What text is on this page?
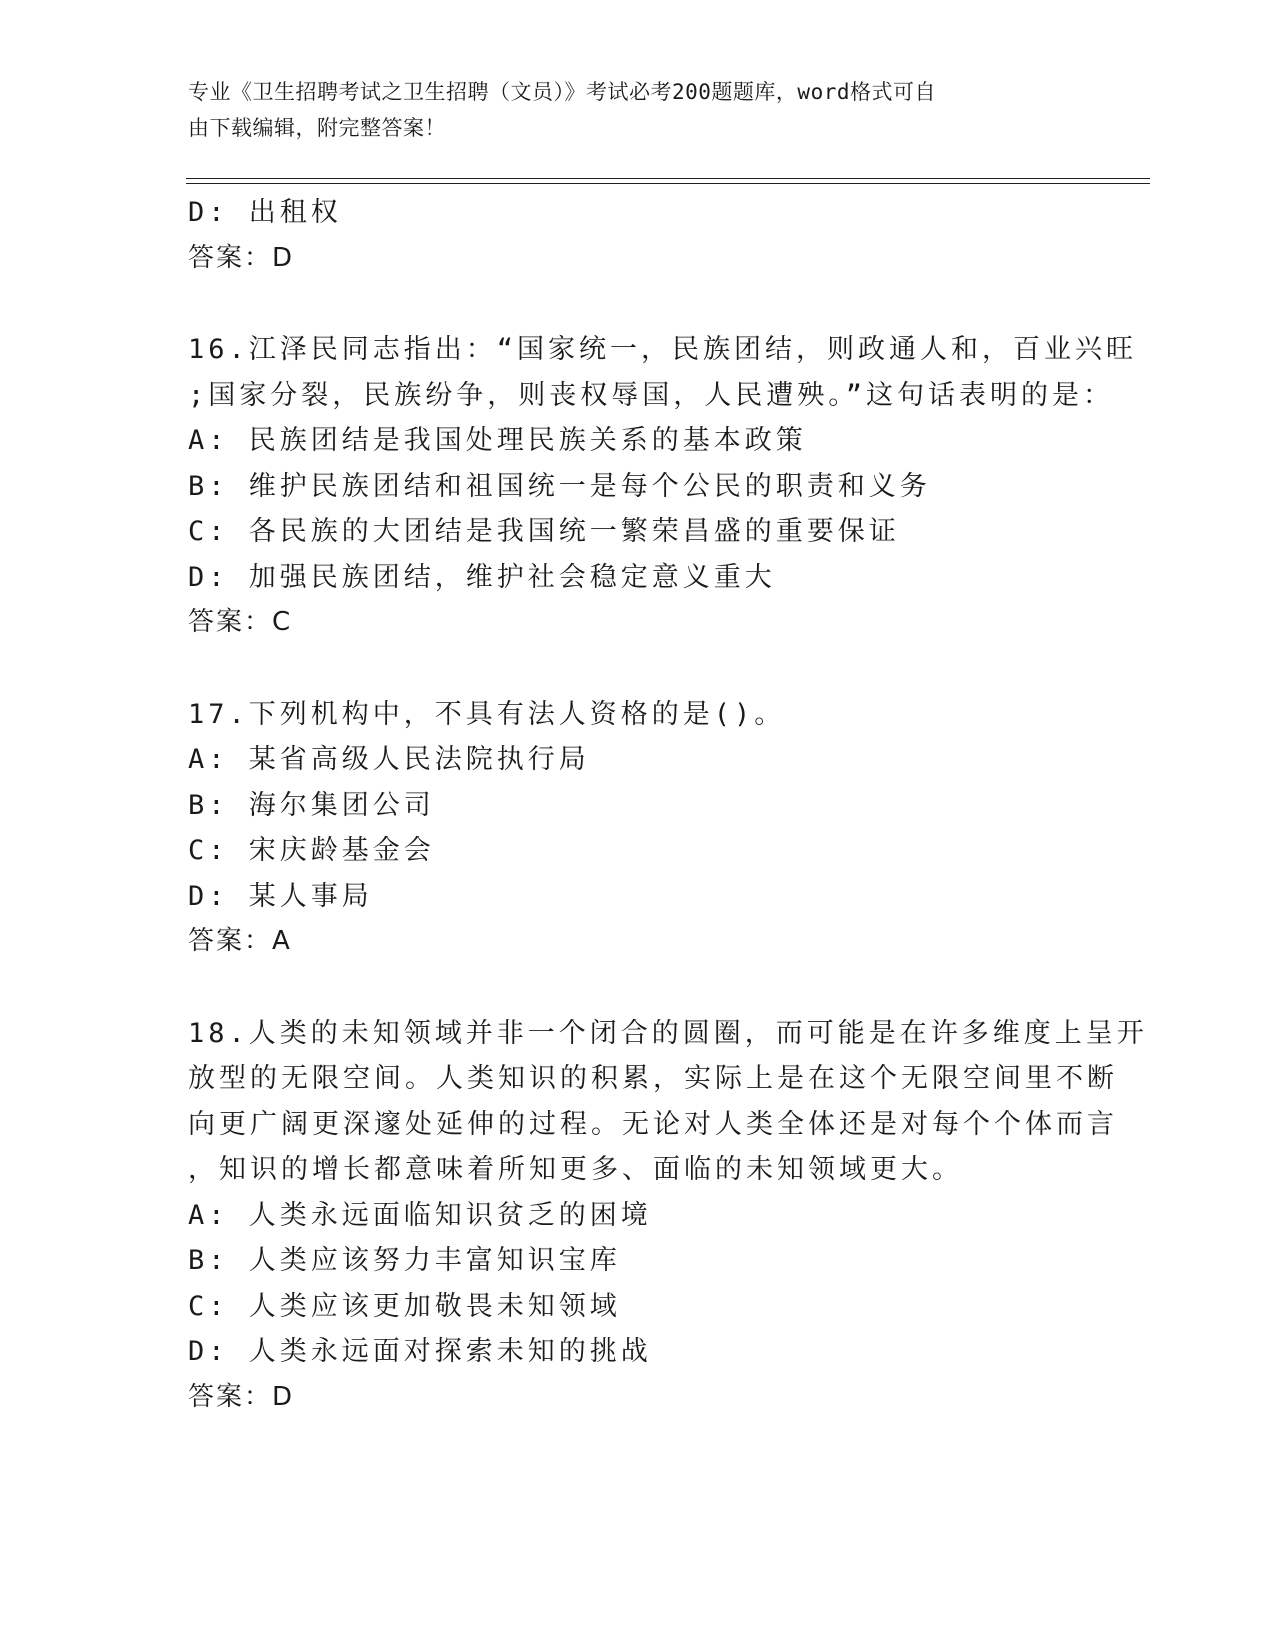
专业《卫生招聘考试之卫生招聘（文员）》考试必考200题题库，word格式可自
由下载编辑，附完整答案！
D: 出租权
答案：D
16.江泽民同志指出：“国家统一，民族团结，则政通人和，百业兴旺
;国家分裂，民族纷争，则丧权辱国，人民遭殃。”这句话表明的是：
A: 民族团结是我国处理民族关系的基本政策
B: 维护民族团结和祖国统一是每个公民的职责和义务
C: 各民族的大团结是我国统一繁荣昌盛的重要保证
D: 加强民族团结，维护社会稳定意义重大
答案：C
17.下列机构中，不具有法人资格的是()。
A: 某省高级人民法院执行局
B: 海尔集团公司
C: 宋庆龄基金会
D: 某人事局
答案：A
18.人类的未知领域并非一个闭合的圆圈，而可能是在许多维度上呈开
放型的无限空间。人类知识的积累，实际上是在这个无限空间里不断
向更广阔更深邃处延伸的过程。无论对人类全体还是对每个个体而言
，知识的增长都意味着所知更多、面临的未知领域更大。
A: 人类永远面临知识贫乏的困境
B: 人类应该努力丰富知识宝库
C: 人类应该更加敬畏未知领域
D: 人类永远面对探索未知的挑战
答案：D
